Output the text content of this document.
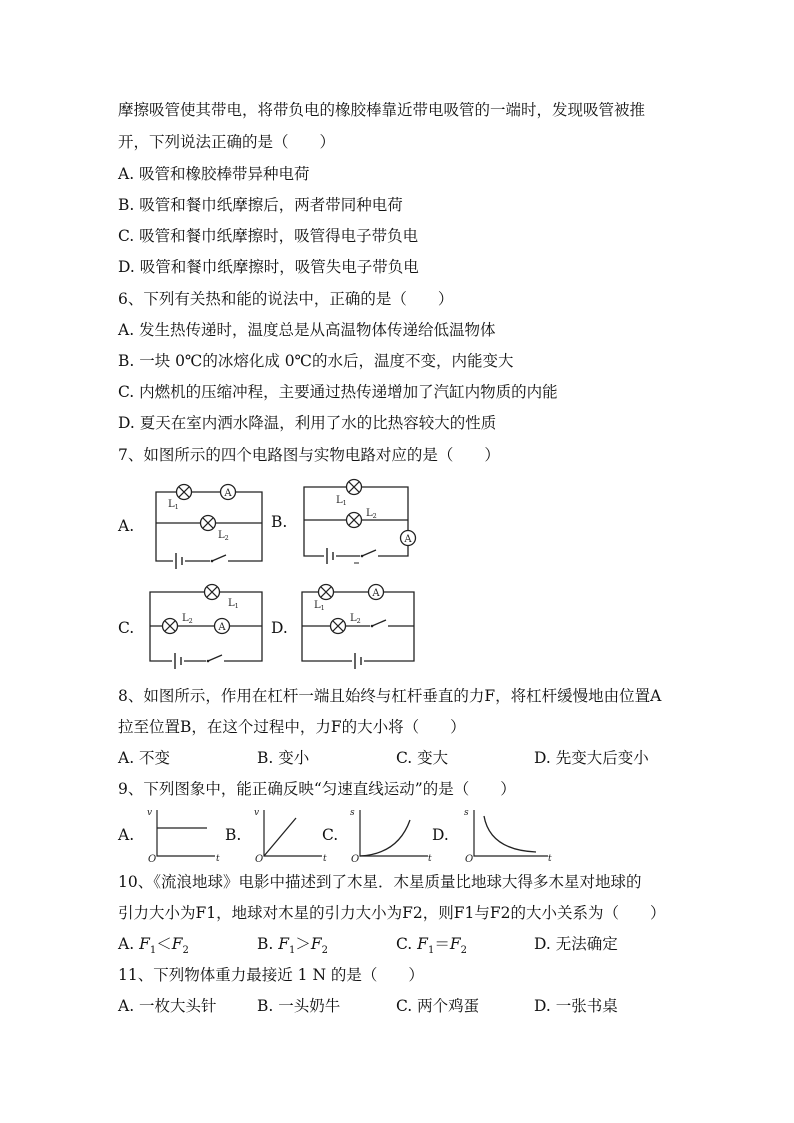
摩擦吸管使其带电，将带负电的橡胶棒靠近带电吸管的一端时，发现吸管被推
开，下列说法正确的是（　　）
A. 吸管和橡胶棒带异种电荷
B. 吸管和餐巾纸摩擦后，两者带同种电荷
C. 吸管和餐巾纸摩擦时，吸管得电子带负电
D. 吸管和餐巾纸摩擦时，吸管失电子带负电
6、下列有关热和能的说法中，正确的是（　　）
A. 发生热传递时，温度总是从高温物体传递给低温物体
B. 一块 0℃的冰熔化成 0℃的水后，温度不变，内能变大
C. 内燃机的压缩冲程，主要通过热传递增加了汽缸内物质的内能
D. 夏天在室内洒水降温，利用了水的比热容较大的性质
7、如图所示的四个电路图与实物电路对应的是（　　）
A.
A
$L_1$
$L_2$
B.
$L_1$
$L_2$
A
C.
$L_1$
$L_2$
A	D.
$L_1$
A
$L_2$
8、如图所示，作用在杠杆一端且始终与杠杆垂直的力F，将杠杆缓慢地由位置A
拉至位置B，在这个过程中，力F的大小将（　　）
A. 不变	B. 变小	C. 变大	D. 先变大后变小
9、下列图象中，能正确反映“匀速直线运动”的是（　　）
A.
v
t
O
B.
v
t
O
C.
s
t
O
D.
s
t
O
10、《流浪地球》电影中描述到了木星．木星质量比地球大得多木星对地球的
引力大小为F1，地球对木星的引力大小为F2，则F1与F2的大小关系为（　　）
A. $F_1<F_2$	B. $F_1>F_2$	C. $F_1=F_2$	D. 无法确定
11、下列物体重力最接近 1 N 的是（　　）
A. 一枚大头针	B. 一头奶牛	C. 两个鸡蛋	D. 一张书桌
